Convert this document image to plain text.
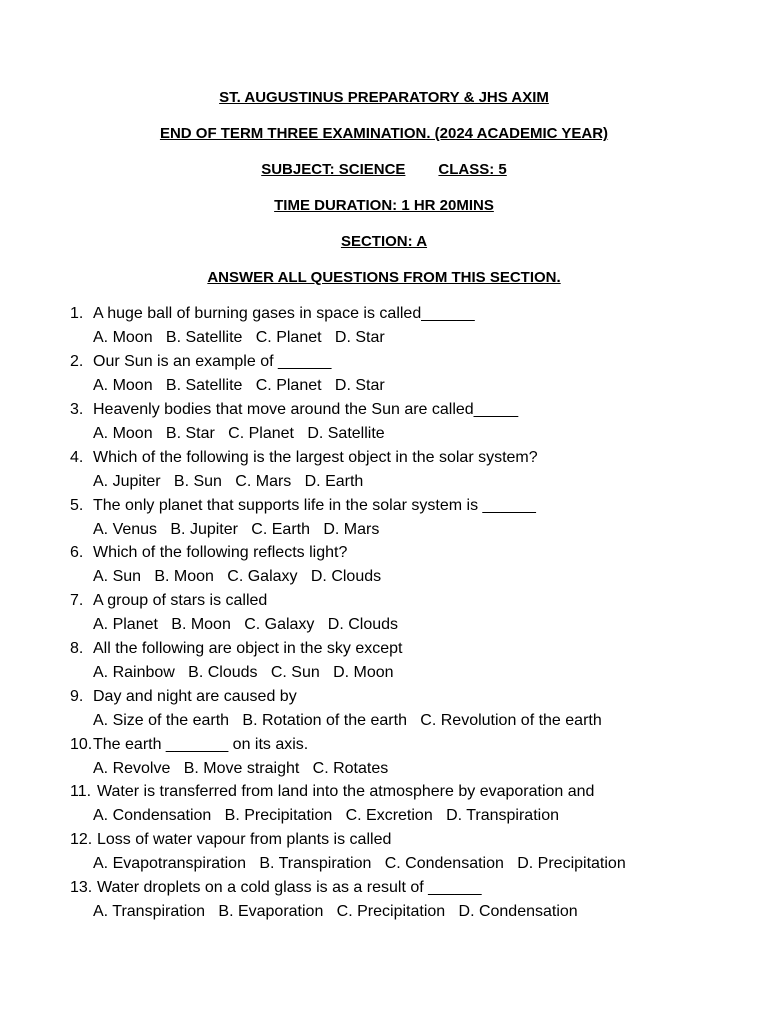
ST. AUGUSTINUS PREPARATORY & JHS AXIM
END OF TERM THREE EXAMINATION. (2024 ACADEMIC YEAR)
SUBJECT: SCIENCE CLASS: 5
TIME DURATION: 1 HR 20MINS
SECTION: A
ANSWER ALL QUESTIONS FROM THIS SECTION.
1. A huge ball of burning gases in space is called______
A. Moon   B. Satellite   C. Planet   D. Star
2. Our Sun is an example of ______
A. Moon   B. Satellite   C. Planet   D. Star
3. Heavenly bodies that move around the Sun are called_____
A. Moon   B. Star   C. Planet   D. Satellite
4. Which of the following is the largest object in the solar system?
A. Jupiter   B. Sun   C. Mars   D. Earth
5. The only planet that supports life in the solar system is ______
A. Venus   B. Jupiter   C. Earth   D. Mars
6. Which of the following reflects light?
A. Sun   B. Moon   C. Galaxy   D. Clouds
7. A group of stars is called
A. Planet   B. Moon   C. Galaxy   D. Clouds
8. All the following are object in the sky except
A. Rainbow   B. Clouds   C. Sun   D. Moon
9. Day and night are caused by
A. Size of the earth   B. Rotation of the earth   C. Revolution of the earth
10.The earth _______ on its axis.
A. Revolve   B. Move straight   C. Rotates
11. Water is transferred from land into the atmosphere by evaporation and
A. Condensation   B. Precipitation   C. Excretion   D. Transpiration
12. Loss of water vapour from plants is called
A. Evapotranspiration   B. Transpiration   C. Condensation   D. Precipitation
13. Water droplets on a cold glass is as a result of ______
A. Transpiration   B. Evaporation   C. Precipitation   D. Condensation
